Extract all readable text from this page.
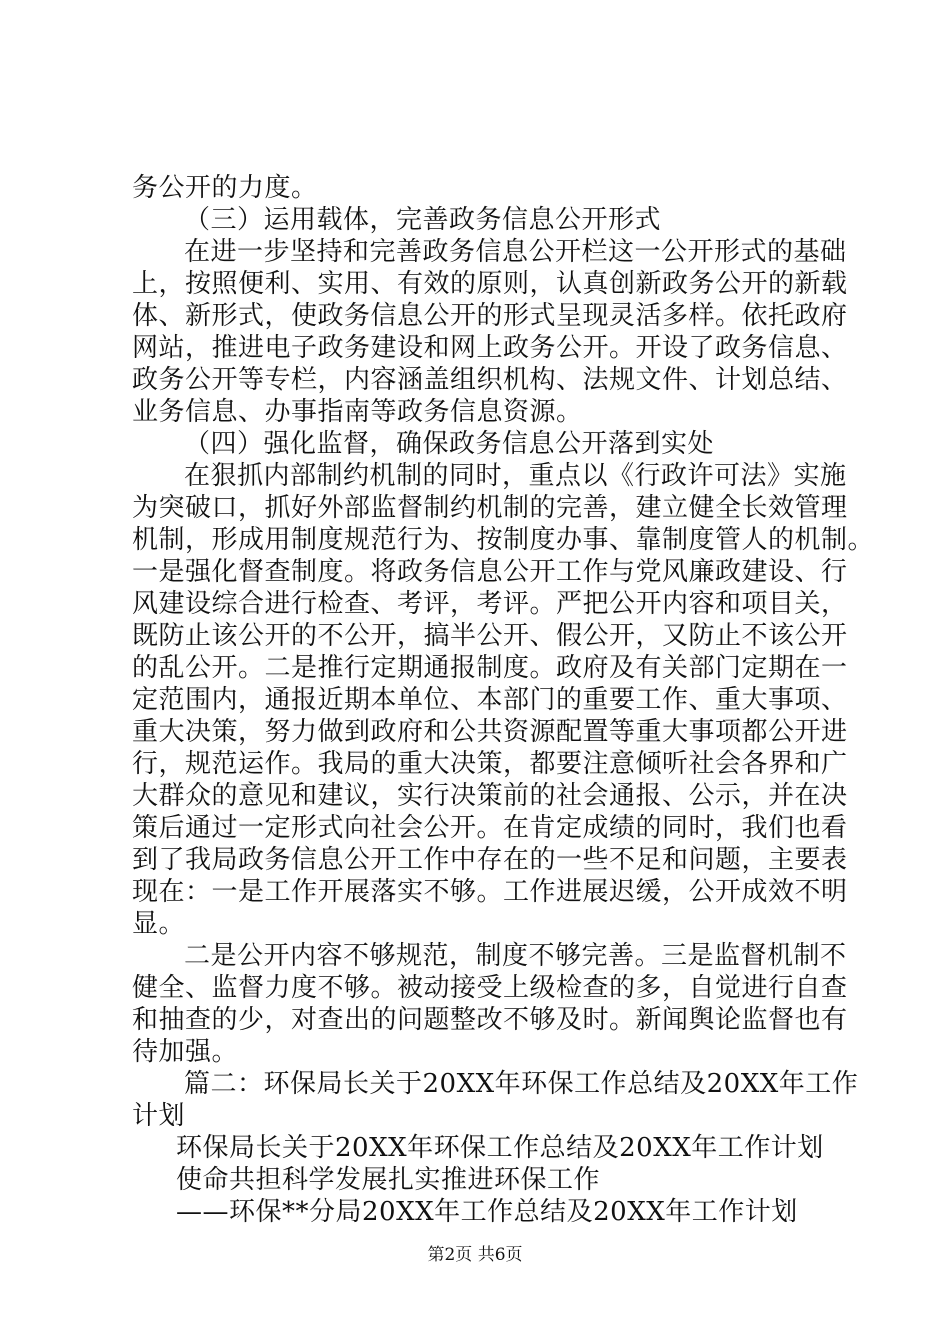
务公开的力度。
（三）运用载体，完善政务信息公开形式
在进一步坚持和完善政务信息公开栏这一公开形式的基础
上，按照便利、实用、有效的原则，认真创新政务公开的新载
体、新形式，使政务信息公开的形式呈现灵活多样。依托政府
网站，推进电子政务建设和网上政务公开。开设了政务信息、
政务公开等专栏，内容涵盖组织机构、法规文件、计划总结、
业务信息、办事指南等政务信息资源。
（四）强化监督，确保政务信息公开落到实处
在狠抓内部制约机制的同时，重点以《行政许可法》实施
为突破口，抓好外部监督制约机制的完善，建立健全长效管理
机制，形成用制度规范行为、按制度办事、靠制度管人的机制。
一是强化督查制度。将政务信息公开工作与党风廉政建设、行
风建设综合进行检查、考评，考评。严把公开内容和项目关，
既防止该公开的不公开，搞半公开、假公开，又防止不该公开
的乱公开。二是推行定期通报制度。政府及有关部门定期在一
定范围内，通报近期本单位、本部门的重要工作、重大事项、
重大决策，努力做到政府和公共资源配置等重大事项都公开进
行，规范运作。我局的重大决策，都要注意倾听社会各界和广
大群众的意见和建议，实行决策前的社会通报、公示，并在决
策后通过一定形式向社会公开。在肯定成绩的同时，我们也看
到了我局政务信息公开工作中存在的一些不足和问题，主要表
现在：一是工作开展落实不够。工作进展迟缓，公开成效不明
显。
二是公开内容不够规范，制度不够完善。三是监督机制不
健全、监督力度不够。被动接受上级检查的多，自觉进行自查
和抽查的少，对查出的问题整改不够及时。新闻舆论监督也有
待加强。
篇二：环保局长关于20XX年环保工作总结及20XX年工作
计划
环保局长关于20XX年环保工作总结及20XX年工作计划
使命共担科学发展扎实推进环保工作
——环保**分局20XX年工作总结及20XX年工作计划
第2页 共6页
